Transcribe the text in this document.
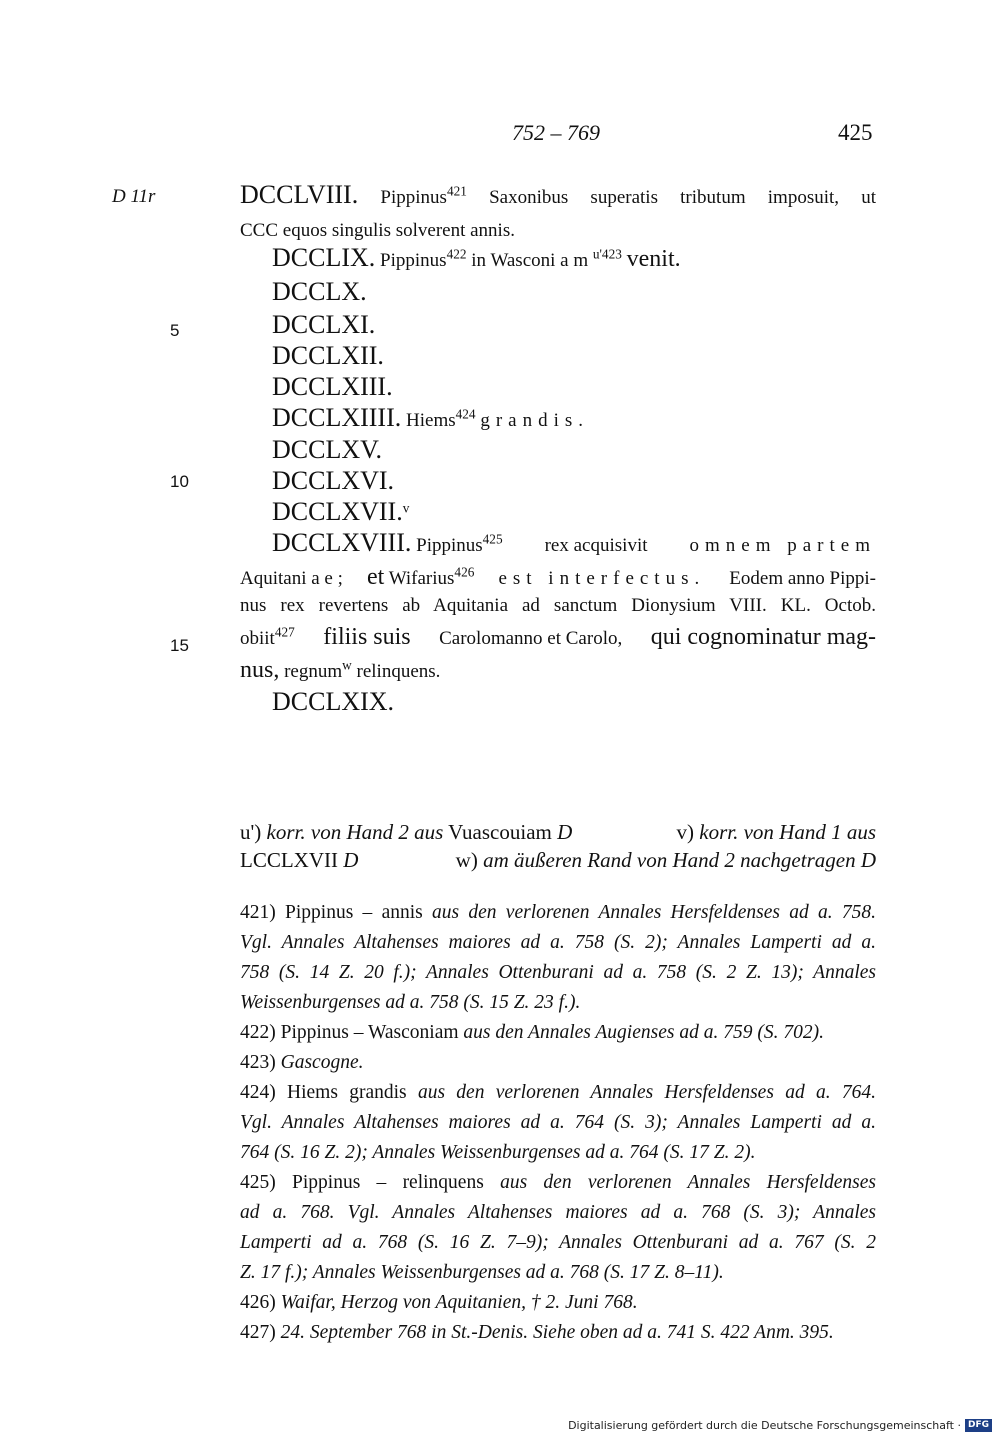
752 – 769	425
D 11r
5
10
15
DCCLVIII. Pippinus$^{421}$ Saxonibus superatis tributum imposuit, ut
CCC equos singulis solverent annis.
DCCLIX. Pippinus$^{422}$ in Wasconi a m $^{u'423}$ venit.
DCCLX.
DCCLXI.
DCCLXII.
DCCLXIII.
DCCLXIIII. Hiems$^{424}$ grandis.
DCCLXV.
DCCLXVI.
DCCLXVII.$^v$
DCCLXVIII. Pippinus$^{425}$ rex acquisivit omnem partem
Aquitani a e ; et Wifarius$^{426}$ est interfectus. Eodem anno Pippi-
nus rex revertens ab Aquitania ad sanctum Dionysium VIII. KL. Octob.
obiit$^{427}$ filiis suis Carolomanno et Carolo, qui cognominatur mag-
nus, regnum$^w$ relinquens.
DCCLXIX.
u') korr. von Hand 2 aus Vuascouiam D	v) korr. von Hand 1 aus
LCCLXVII D	w) am äußeren Rand von Hand 2 nachgetragen D
421) Pippinus – annis aus den verlorenen Annales Hersfeldenses ad a. 758.
Vgl. Annales Altahenses maiores ad a. 758 (S. 2); Annales Lamperti ad a.
758 (S. 14 Z. 20 f.); Annales Ottenburani ad a. 758 (S. 2 Z. 13); Annales
Weissenburgenses ad a. 758 (S. 15 Z. 23 f.).
422) Pippinus – Wasconiam aus den Annales Augienses ad a. 759 (S. 702).
423) Gascogne.
424) Hiems grandis aus den verlorenen Annales Hersfeldenses ad a. 764.
Vgl. Annales Altahenses maiores ad a. 764 (S. 3); Annales Lamperti ad a.
764 (S. 16 Z. 2); Annales Weissenburgenses ad a. 764 (S. 17 Z. 2).
425) Pippinus – relinquens aus den verlorenen Annales Hersfeldenses
ad a. 768. Vgl. Annales Altahenses maiores ad a. 768 (S. 3); Annales
Lamperti ad a. 768 (S. 16 Z. 7–9); Annales Ottenburani ad a. 767 (S. 2
Z. 17 f.); Annales Weissenburgenses ad a. 768 (S. 17 Z. 8–11).
426) Waifar, Herzog von Aquitanien, † 2. Juni 768.
427) 24. September 768 in St.-Denis. Siehe oben ad a. 741 S. 422 Anm. 395.
Digitalisierung gefördert durch die Deutsche Forschungsgemeinschaft · DFG
